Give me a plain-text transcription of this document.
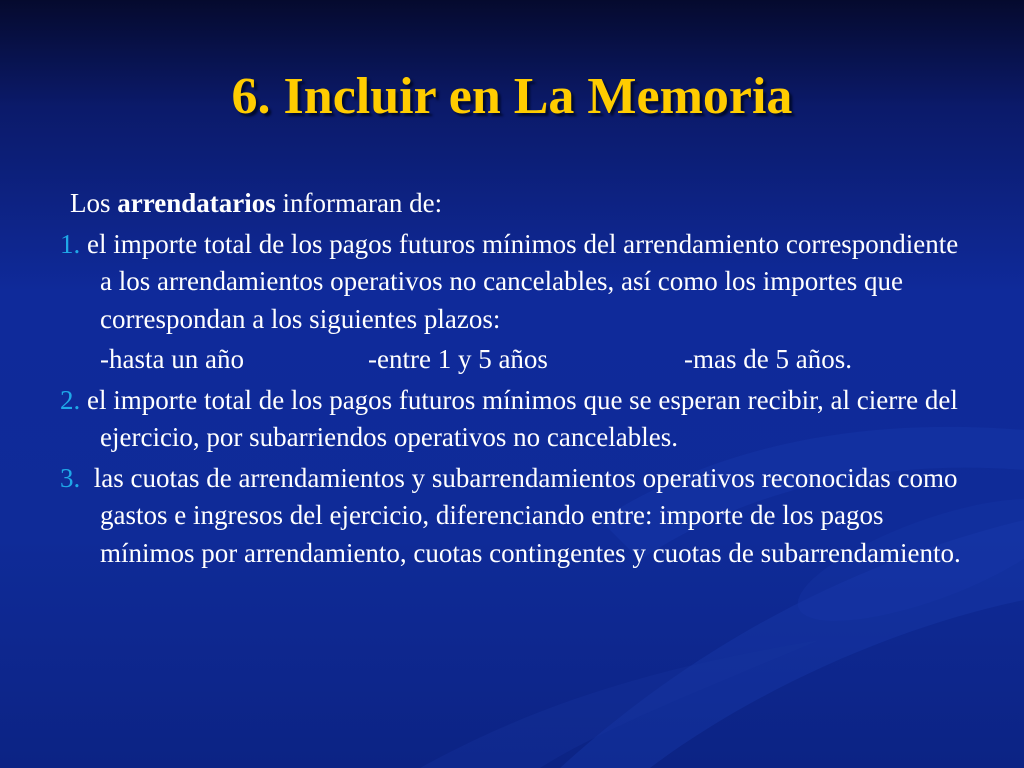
6. Incluir en La Memoria

Los arrendatarios informaran de:

1. el importe total de los pagos futuros mínimos del arrendamiento correspondiente a los arrendamientos operativos no cancelables, así como los importes que correspondan a los siguientes plazos:

-hasta un año	-entre 1 y 5 años	-mas de 5 años.

2. el importe total de los pagos futuros mínimos que se esperan recibir, al cierre del ejercicio, por subarriendos operativos no cancelables.

3. las cuotas de arrendamientos y subarrendamientos operativos reconocidas como gastos e ingresos del ejercicio, diferenciando entre: importe de los pagos mínimos por arrendamiento, cuotas contingentes y cuotas de subarrendamiento.
